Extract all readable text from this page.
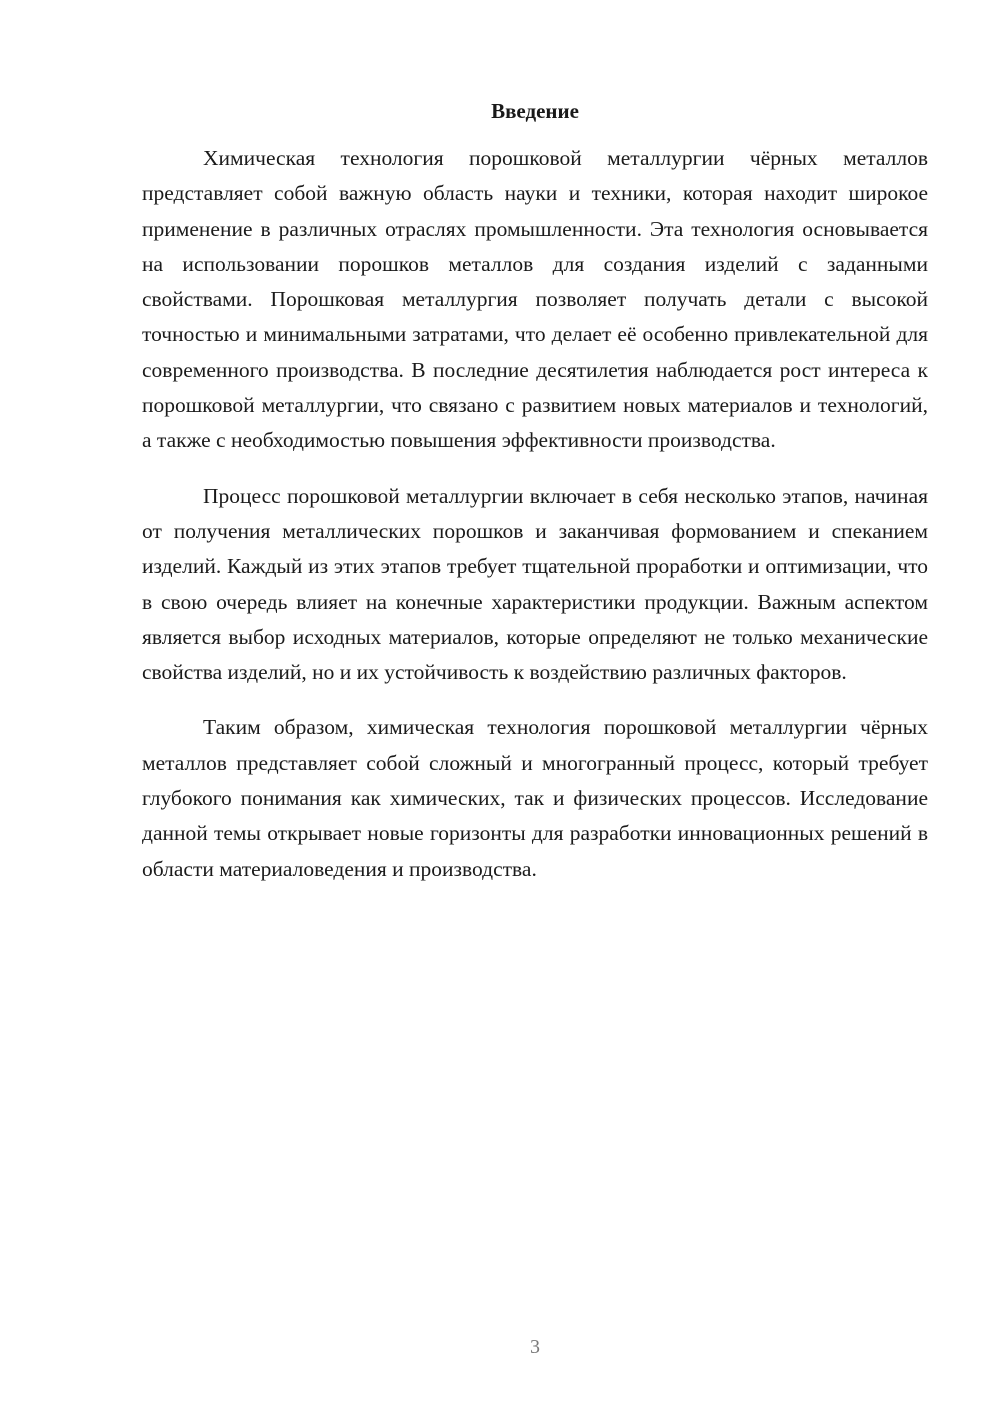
Введение

Химическая технология порошковой металлургии чёрных металлов представляет собой важную область науки и техники, которая находит широкое применение в различных отраслях промышленности. Эта технология основывается на использовании порошков металлов для создания изделий с заданными свойствами. Порошковая металлургия позволяет получать детали с высокой точностью и минимальными затратами, что делает её особенно привлекательной для современного производства. В последние десятилетия наблюдается рост интереса к порошковой металлургии, что связано с развитием новых материалов и технологий, а также с необходимостью повышения эффективности производства.

Процесс порошковой металлургии включает в себя несколько этапов, начиная от получения металлических порошков и заканчивая формованием и спеканием изделий. Каждый из этих этапов требует тщательной проработки и оптимизации, что в свою очередь влияет на конечные характеристики продукции. Важным аспектом является выбор исходных материалов, которые определяют не только механические свойства изделий, но и их устойчивость к воздействию различных факторов.

Таким образом, химическая технология порошковой металлургии чёрных металлов представляет собой сложный и многогранный процесс, который требует глубокого понимания как химических, так и физических процессов. Исследование данной темы открывает новые горизонты для разработки инновационных решений в области материаловедения и производства.

3
